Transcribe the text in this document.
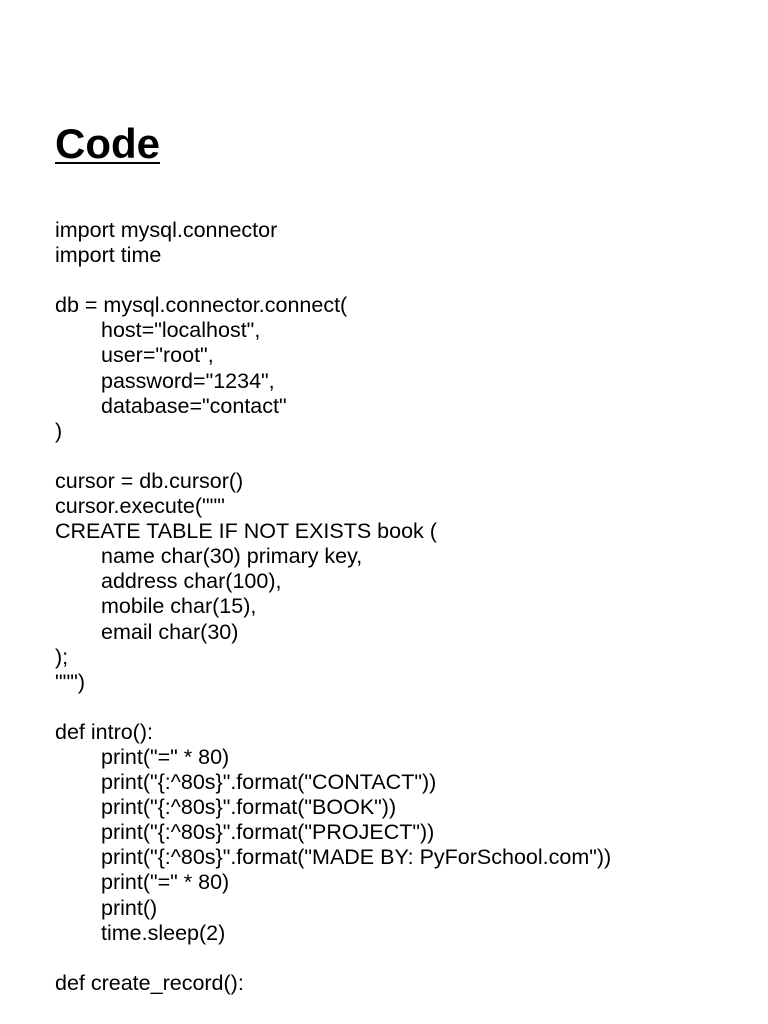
Code
import mysql.connector
import time
db = mysql.connector.connect(
host="localhost",
user="root",
password="1234",
database="contact"
)
cursor = db.cursor()
cursor.execute("""
CREATE TABLE IF NOT EXISTS book (
name char(30) primary key,
address char(100),
mobile char(15),
email char(30)
);
""")
def intro():
print("=" * 80)
print("{:^80s}".format("CONTACT"))
print("{:^80s}".format("BOOK"))
print("{:^80s}".format("PROJECT"))
print("{:^80s}".format("MADE BY: PyForSchool.com"))
print("=" * 80)
print()
time.sleep(2)
def create_record():
